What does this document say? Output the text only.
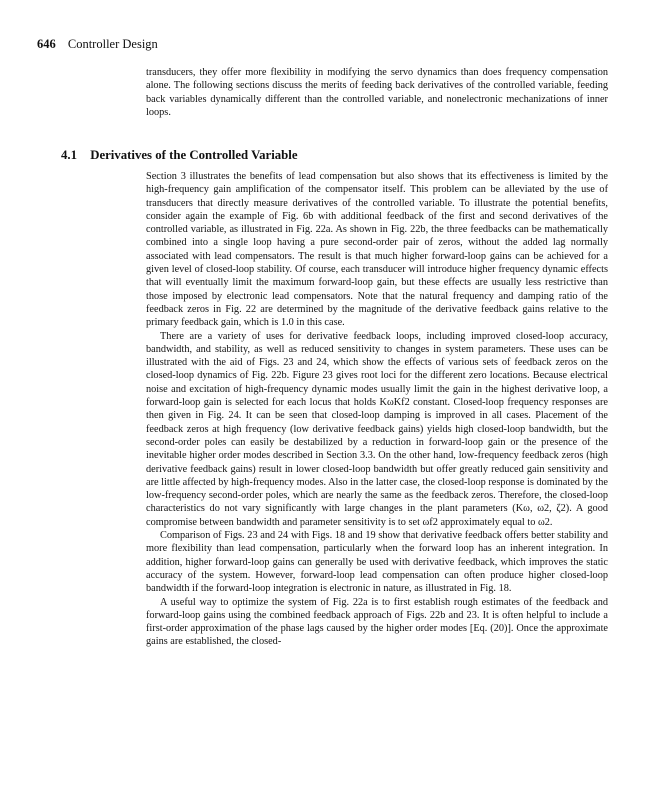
646 Controller Design

transducers, they offer more flexibility in modifying the servo dynamics than does frequency compensation alone. The following sections discuss the merits of feeding back derivatives of the controlled variable, feeding back variables dynamically different than the controlled variable, and nonelectronic mechanizations of inner loops.

4.1 Derivatives of the Controlled Variable

Section 3 illustrates the benefits of lead compensation but also shows that its effectiveness is limited by the high-frequency gain amplification of the compensator itself. This problem can be alleviated by the use of transducers that directly measure derivatives of the controlled variable. To illustrate the potential benefits, consider again the example of Fig. 6b with additional feedback of the first and second derivatives of the controlled variable, as illustrated in Fig. 22a. As shown in Fig. 22b, the three feedbacks can be mathematically combined into a single loop having a pure second-order pair of zeros, without the added lag normally associated with lead compensators. The result is that much higher forward-loop gains can be achieved for a given level of closed-loop stability. Of course, each transducer will introduce higher frequency dynamic effects that will eventually limit the maximum forward-loop gain, but these effects are usually less restrictive than those imposed by electronic lead compensators. Note that the natural frequency and damping ratio of the feedback zeros in Fig. 22 are determined by the magnitude of the derivative feedback gains relative to the primary feedback gain, which is 1.0 in this case.

There are a variety of uses for derivative feedback loops, including improved closed-loop accuracy, bandwidth, and stability, as well as reduced sensitivity to changes in system parameters. These uses can be illustrated with the aid of Figs. 23 and 24, which show the effects of various sets of feedback zeros on the closed-loop dynamics of Fig. 22b. Figure 23 gives root loci for the different zero locations. Because electrical noise and excitation of high-frequency dynamic modes usually limit the gain in the highest derivative loop, a forward-loop gain is selected for each locus that holds KωKf2 constant. Closed-loop frequency responses are then given in Fig. 24. It can be seen that closed-loop damping is improved in all cases. Placement of the feedback zeros at high frequency (low derivative feedback gains) yields high closed-loop bandwidth, but the second-order poles can easily be destabilized by a reduction in forward-loop gain or the presence of the inevitable higher order modes described in Section 3.3. On the other hand, low-frequency feedback zeros (high derivative feedback gains) result in lower closed-loop bandwidth but offer greatly reduced gain sensitivity and are little affected by high-frequency modes. Also in the latter case, the closed-loop response is dominated by the low-frequency second-order poles, which are nearly the same as the feedback zeros. Therefore, the closed-loop characteristics do not vary significantly with large changes in the plant parameters (Kω, ω2, ζ2). A good compromise between bandwidth and parameter sensitivity is to set ωf2 approximately equal to ω2.

Comparison of Figs. 23 and 24 with Figs. 18 and 19 show that derivative feedback offers better stability and more flexibility than lead compensation, particularly when the forward loop has an inherent integration. In addition, higher forward-loop gains can generally be used with derivative feedback, which improves the static accuracy of the system. However, forward-loop lead compensation can often produce higher closed-loop bandwidth if the forward-loop integration is electronic in nature, as illustrated in Fig. 18.

A useful way to optimize the system of Fig. 22a is to first establish rough estimates of the feedback and forward-loop gains using the combined feedback approach of Figs. 22b and 23. It is often helpful to include a first-order approximation of the phase lags caused by the higher order modes [Eq. (20)]. Once the approximate gains are established, the closed-
